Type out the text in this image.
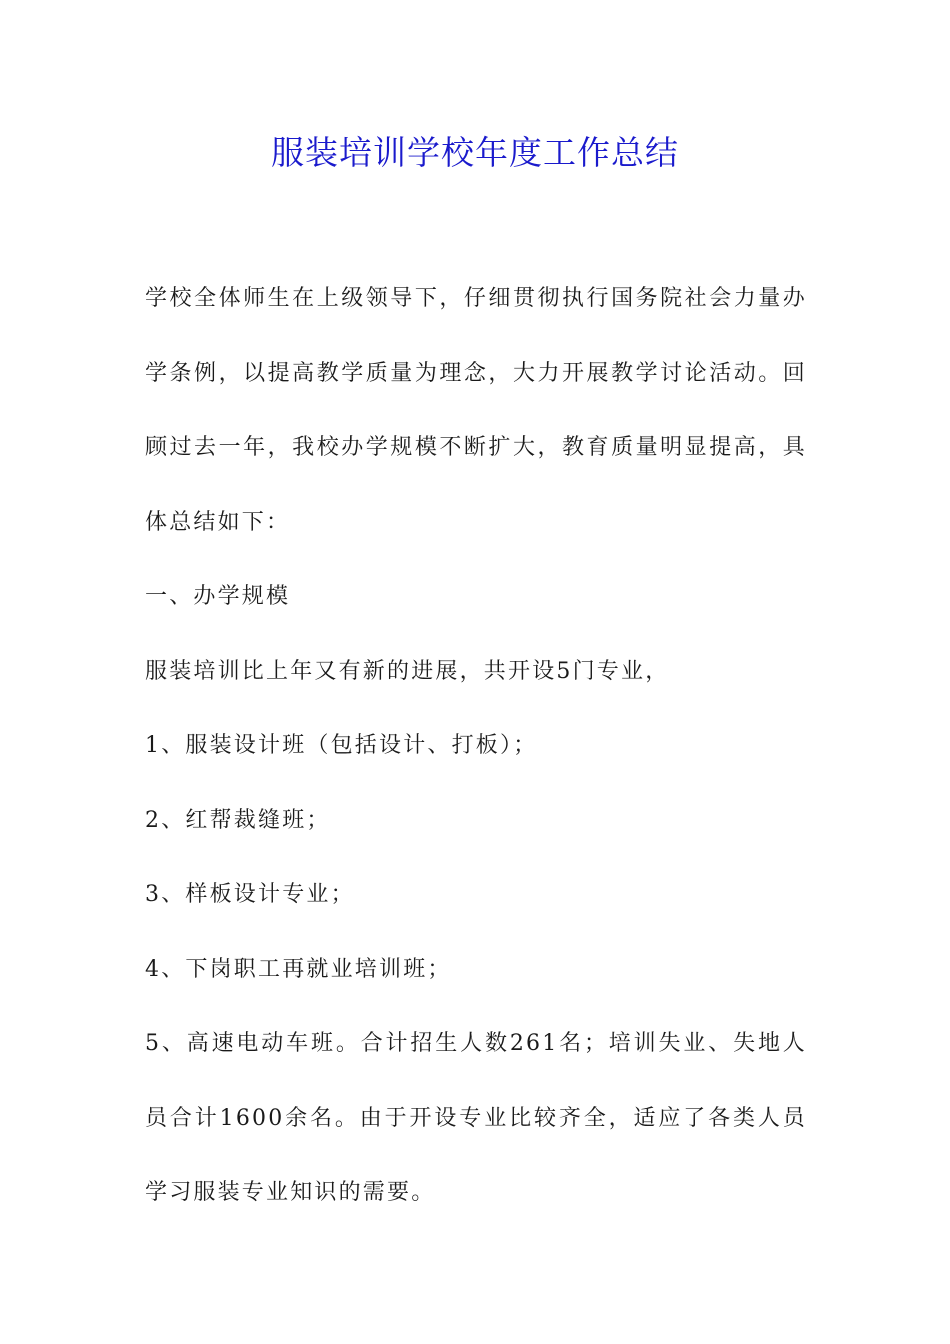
服装培训学校年度工作总结

学校全体师生在上级领导下，仔细贯彻执行国务院社会力量办学条例，以提高教学质量为理念，大力开展教学讨论活动。回顾过去一年，我校办学规模不断扩大，教育质量明显提高，具体总结如下：

一、办学规模

服装培训比上年又有新的进展，共开设5门专业，

1、服装设计班（包括设计、打板）；

2、红帮裁缝班；

3、样板设计专业；

4、下岗职工再就业培训班；

5、高速电动车班。合计招生人数261名；培训失业、失地人员合计1600余名。由于开设专业比较齐全，适应了各类人员学习服装专业知识的需要。
